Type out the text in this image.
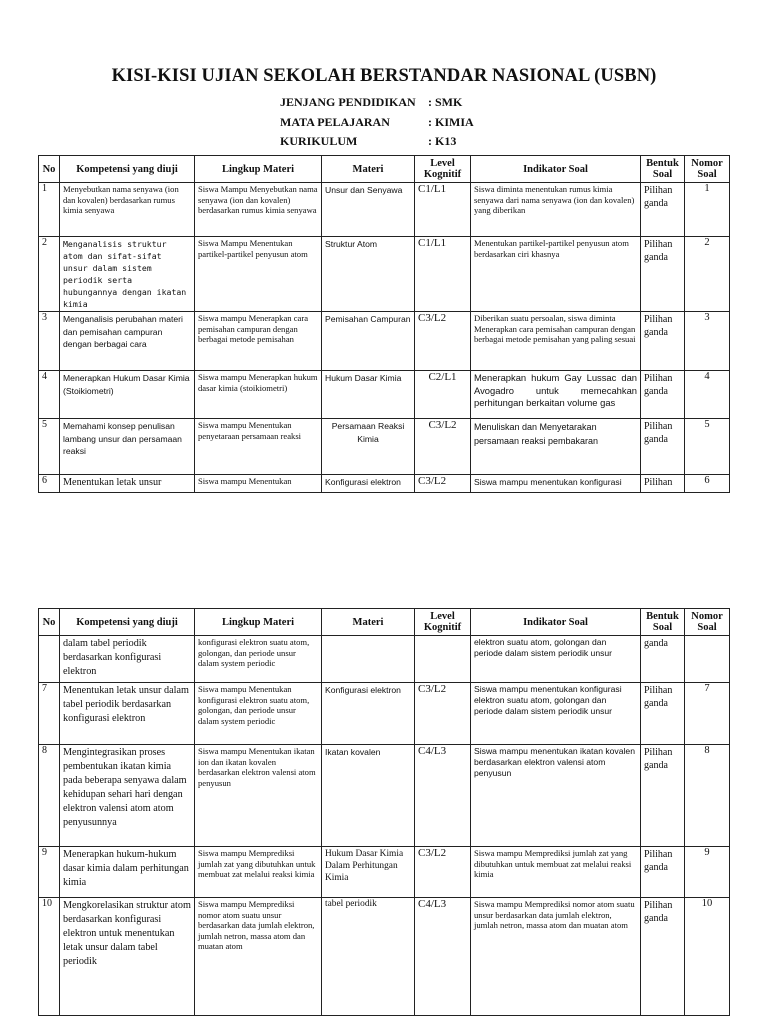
KISI-KISI UJIAN SEKOLAH BERSTANDAR NASIONAL (USBN)
JENJANG PENDIDIKAN : SMK
MATA PELAJARAN	: KIMIA
KURIKULUM	: K13
No	Kompetensi yang diuji	Lingkup Materi	Materi	Level Kognitif	Indikator Soal	Bentuk Soal	Nomor Soal
1	Menyebutkan nama senyawa (ion dan kovalen) berdasarkan rumus kimia senyawa	Siswa Mampu Menyebutkan nama senyawa (ion dan kovalen) berdasarkan rumus kimia senyawa	Unsur dan Senyawa	C1/L1	Siswa diminta menentukan rumus kimia senyawa dari nama senyawa (ion dan kovalen) yang diberikan	Pilihan ganda	1
2	Menganalisis struktur atom dan sifat-sifat unsur dalam sistem periodik serta hubungannya dengan ikatan kimia	Siswa Mampu Menentukan partikel-partikel penyusun atom	Struktur Atom	C1/L1	Menentukan partikel-partikel penyusun atom berdasarkan ciri khasnya	Pilihan ganda	2
3	Menganalisis perubahan materi dan pemisahan campuran dengan berbagai cara	Siswa mampu Menerapkan cara pemisahan campuran dengan berbagai metode pemisahan	Pemisahan Campuran	C3/L2	Diberikan suatu persoalan, siswa diminta Menerapkan cara pemisahan campuran dengan berbagai metode pemisahan yang paling sesuai	Pilihan ganda	3
4	Menerapkan Hukum Dasar Kimia (Stoikiometri)	Siswa mampu Menerapkan hukum dasar kimia (stoikiometri)	Hukum Dasar Kimia	C2/L1	Menerapkan hukum Gay Lussac dan Avogadro untuk memecahkan perhitungan berkaitan volume gas	Pilihan ganda	4
5	Memahami konsep penulisan lambang unsur dan persamaan reaksi	Siswa mampu Menentukan penyetaraan persamaan reaksi	Persamaan Reaksi Kimia	C3/L2	Menuliskan dan Menyetarakan persamaan reaksi pembakaran	Pilihan ganda	5
6	Menentukan letak unsur	Siswa mampu Menentukan	Konfigurasi elektron	C3/L2	Siswa mampu menentukan konfigurasi	Pilihan	6
No	Kompetensi yang diuji	Lingkup Materi	Materi	Level Kognitif	Indikator Soal	Bentuk Soal	Nomor Soal
	dalam tabel periodik berdasarkan konfigurasi elektron	konfigurasi elektron suatu atom, golongan, dan periode unsur dalam system periodic			elektron suatu atom, golongan dan periode dalam sistem periodik unsur	ganda	
7	Menentukan letak unsur dalam tabel periodik berdasarkan konfigurasi elektron	Siswa mampu Menentukan konfigurasi elektron suatu atom, golongan, dan periode unsur dalam system periodic	Konfigurasi elektron	C3/L2	Siswa mampu menentukan konfigurasi elektron suatu atom, golongan dan periode dalam sistem periodik unsur	Pilihan ganda	7
8	Mengintegrasikan proses pembentukan ikatan kimia pada beberapa senyawa dalam kehidupan sehari hari dengan elektron valensi atom atom penyusunnya	Siswa mampu Menentukan ikatan ion dan ikatan kovalen berdasarkan elektron valensi atom penyusun	Ikatan kovalen	C4/L3	Siswa mampu menentukan ikatan kovalen berdasarkan elektron valensi atom penyusun	Pilihan ganda	8
9	Menerapkan hukum-hukum dasar kimia dalam perhitungan kimia	Siswa mampu Memprediksi jumlah zat yang dibutuhkan untuk membuat zat melalui reaksi kimia	Hukum Dasar Kimia Dalam Perhitungan Kimia	C3/L2	Siswa mampu Memprediksi jumlah zat yang dibutuhkan untuk membuat zat melalui reaksi kimia	Pilihan ganda	9
10	Mengkorelasikan struktur atom berdasarkan konfigurasi elektron untuk menentukan letak unsur dalam tabel periodik	Siswa mampu Memprediksi nomor atom suatu unsur berdasarkan data jumlah elektron, jumlah netron, massa atom dan muatan atom	tabel periodik	C4/L3	Siswa mampu Memprediksi nomor atom suatu unsur berdasarkan data jumlah elektron, jumlah netron, massa atom dan muatan atom	Pilihan ganda	10
